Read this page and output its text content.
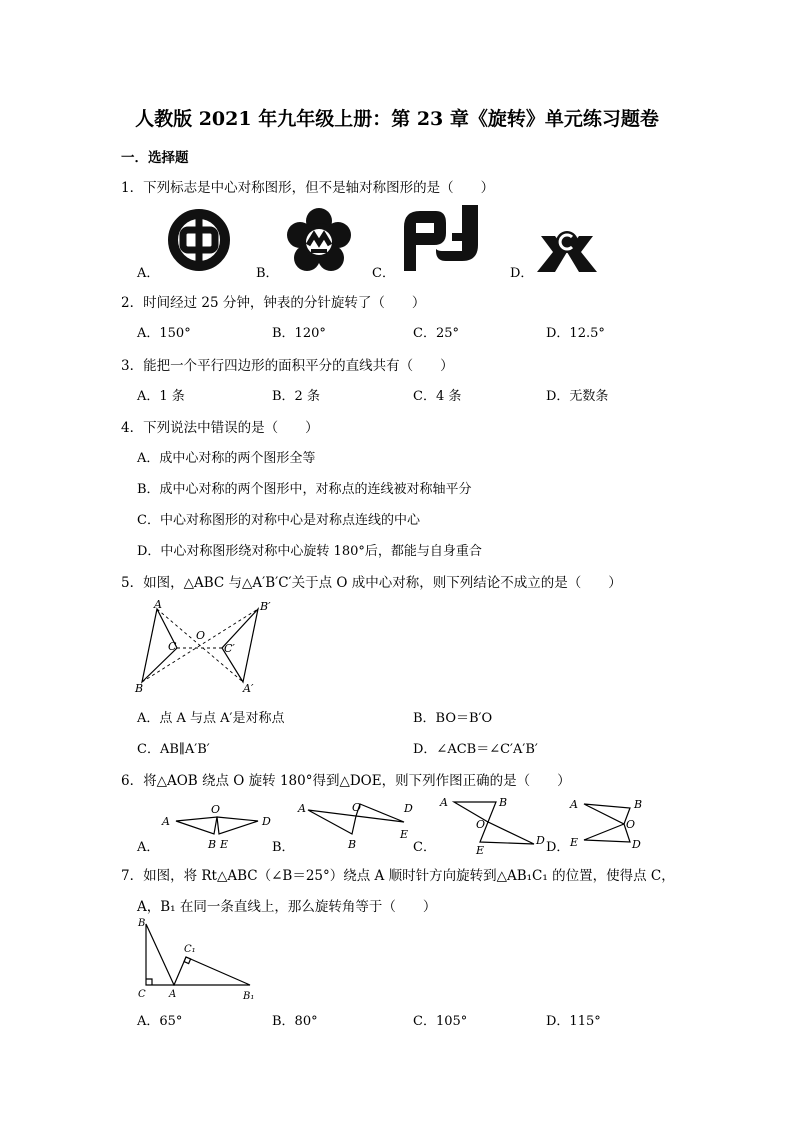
人教版 2021 年九年级上册：第 23 章《旋转》单元练习题卷
一．选择题
1．下列标志是中心对称图形，但不是轴对称图形的是（　　）
A．	B．	C．	D．
2．时间经过 25 分钟，钟表的分针旋转了（　　）
A．150°	B．120°	C．25°	D．12.5°
3．能把一个平行四边形的面积平分的直线共有（　　）
A．1 条	B．2 条	C．4 条	D．无数条
4．下列说法中错误的是（　　）
A．成中心对称的两个图形全等
B．成中心对称的两个图形中，对称点的连线被对称轴平分
C．中心对称图形的对称中心是对称点连线的中心
D．中心对称图形绕对称中心旋转 180°后，都能与自身重合
5．如图，△ABC 与△A′B′C′关于点 O 成中心对称，则下列结论不成立的是（　　）
A
B
C
O
C′
B′
A′
A．点 A 与点 A′是对称点	B．BO＝B′O
C．AB∥A′B′	D．∠ACB＝∠C′A′B′
6．将△AOB 绕点 O 旋转 180°得到△DOE，则下列作图正确的是（　　）
A．	B．	C．	D．
A
O
B E
D
A	O
B
E
D A
O
B
E
D
A
O
B
E	D
7．如图，将 Rt△ABC（∠B＝25°）绕点 A 顺时针方向旋转到△AB₁C₁ 的位置，使得点 C，
A，B₁ 在同一条直线上，那么旋转角等于（　　）
B
C₁
C A	B₁
A．65°	B．80°	C．105°	D．115°
